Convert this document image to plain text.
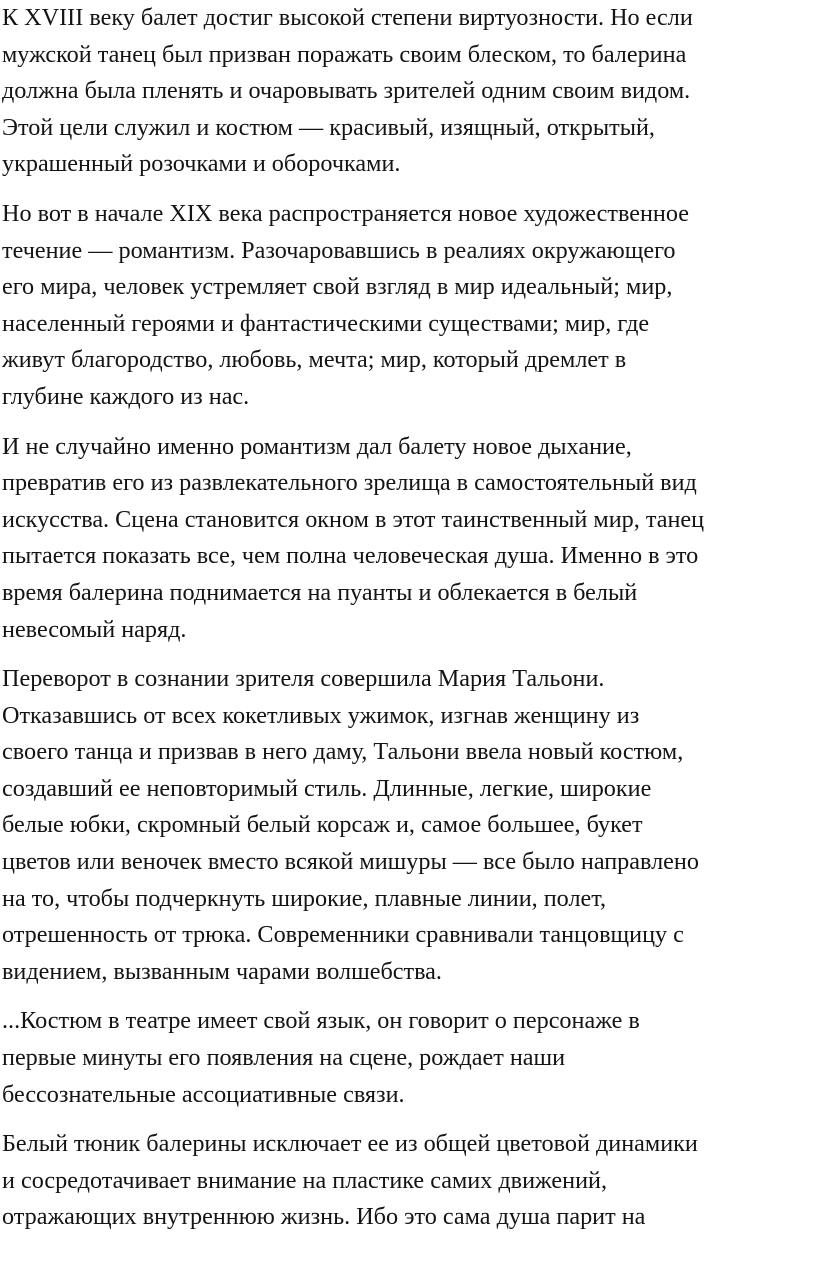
К XVIII веку балет достиг высокой степени виртуозности. Но если
мужской танец был призван поражать своим блеском, то балерина
должна была пленять и очаровывать зрителей одним своим видом.
Этой цели служил и костюм — красивый, изящный, открытый,
украшенный розочками и оборочками.

Но вот в начале XIX века распространяется новое художественное
течение — романтизм. Разочаровавшись в реалиях окружающего
его мира, человек устремляет свой взгляд в мир идеальный; мир,
населенный героями и фантастическими существами; мир, где
живут благородство, любовь, мечта; мир, который дремлет в
глубине каждого из нас.

И не случайно именно романтизм дал балету новое дыхание,
превратив его из развлекательного зрелища в самостоятельный вид
искусства. Сцена становится окном в этот таинственный мир, танец
пытается показать все, чем полна человеческая душа. Именно в это
время балерина поднимается на пуанты и облекается в белый
невесомый наряд.

Переворот в сознании зрителя совершила Мария Тальони.
Отказавшись от всех кокетливых ужимок, изгнав женщину из
своего танца и призвав в него даму, Тальони ввела новый костюм,
создавший ее неповторимый стиль. Длинные, легкие, широкие
белые юбки, скромный белый корсаж и, самое большее, букет
цветов или веночек вместо всякой мишуры — все было направлено
на то, чтобы подчеркнуть широкие, плавные линии, полет,
отрешенность от трюка. Современники сравнивали танцовщицу с
видением, вызванным чарами волшебства.

...Костюм в театре имеет свой язык, он говорит о персонаже в
первые минуты его появления на сцене, рождает наши
бессознательные ассоциативные связи.

Белый тюник балерины исключает ее из общей цветовой динамики
и сосредотачивает внимание на пластике самих движений,
отражающих внутреннюю жизнь. Ибо это сама душа парит на
